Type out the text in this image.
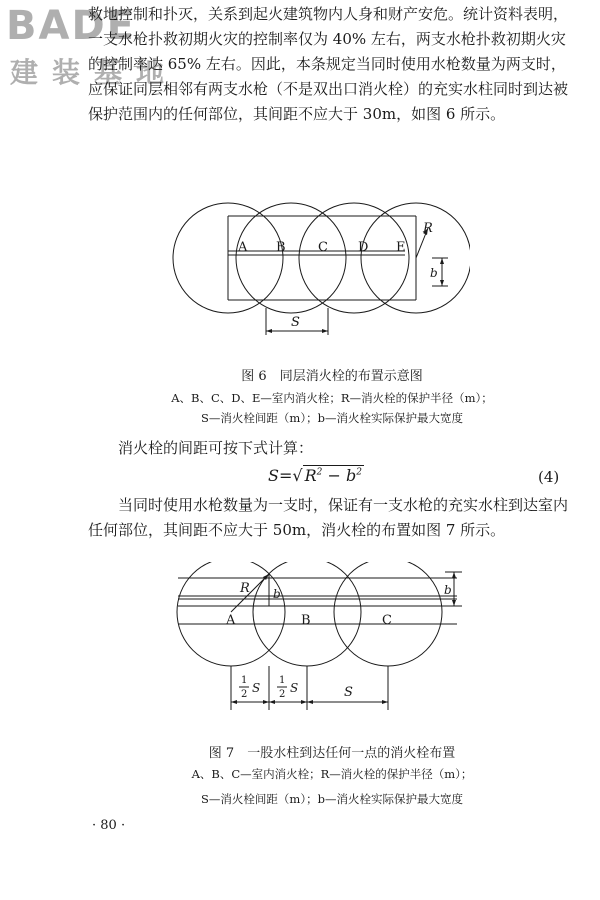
BADE
建装基地

救地控制和扑灭，关系到起火建筑物内人身和财产安危。统计资料表明，一支水枪扑救初期火灾的控制率仅为 40% 左右，两支水枪扑救初期火灾的控制率达 65% 左右。因此，本条规定当同时使用水枪数量为两支时，应保证同层相邻有两支水枪（不是双出口消火栓）的充实水柱同时到达被保护范围内的任何部位，其间距不应大于 30m，如图 6 所示。

A B C D E
R
b
S
图 6　同层消火栓的布置示意图
A、B、C、D、E—室内消火栓；R—消火栓的保护半径（m）；
S—消火栓间距（m）；b—消火栓实际保护最大宽度
消火栓的间距可按下式计算：
S=√ $R^2 - b^2$	(4)

当同时使用水枪数量为一支时，保证有一支水枪的充实水柱到达室内任何部位，其间距不应大于 50m，消火栓的布置如图 7 所示。

A	B	C
R b	b
1
2 S
1
2 S	S
图 7　一股水柱到达任何一点的消火栓布置
A、B、C—室内消火栓；R—消火栓的保护半径（m）；
S—消火栓间距（m）；b—消火栓实际保护最大宽度
· 80 ·
